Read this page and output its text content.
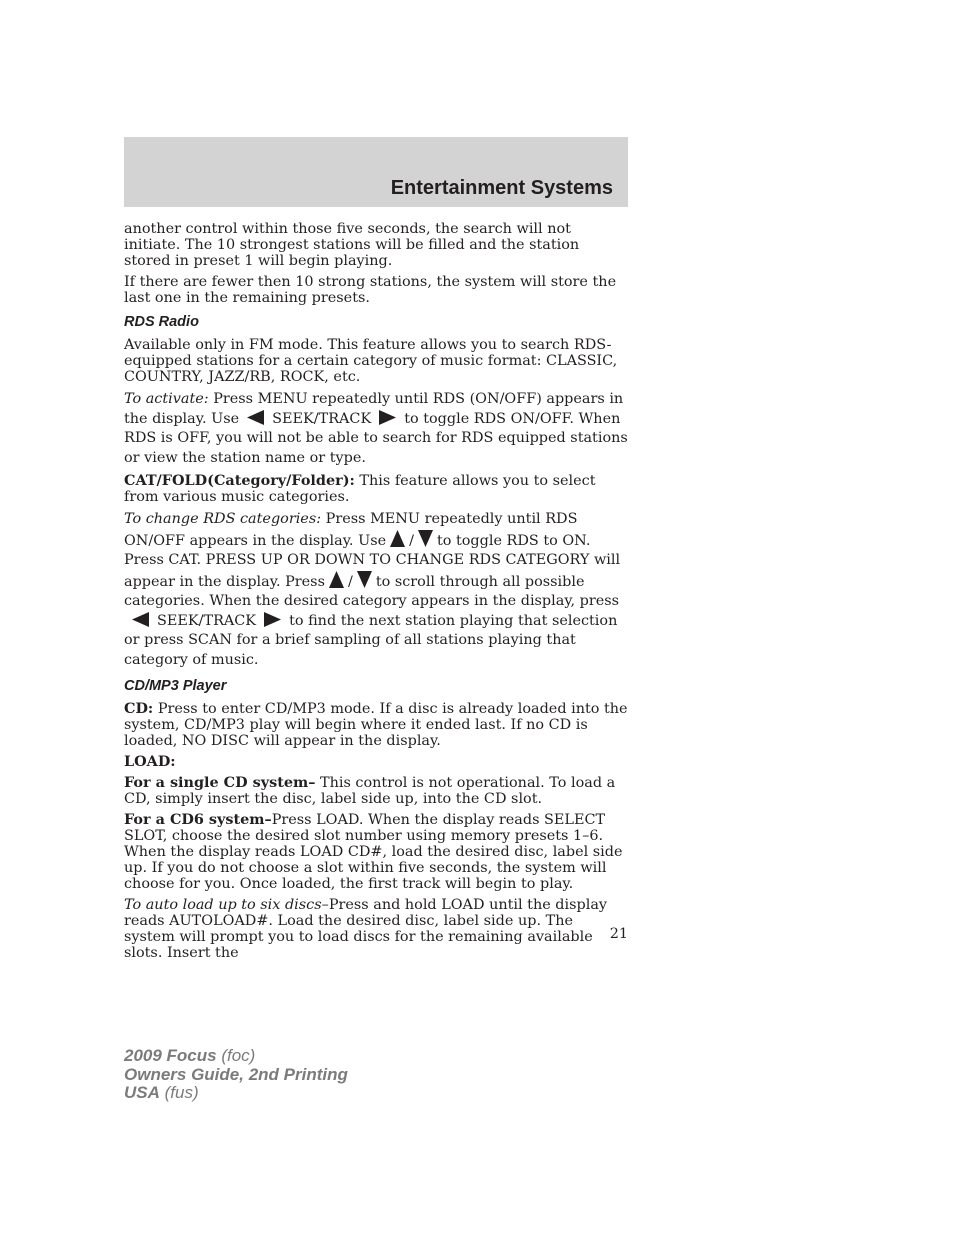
Entertainment Systems

another control within those five seconds, the search will not initiate. The 10 strongest stations will be filled and the station stored in preset 1 will begin playing.

If there are fewer then 10 strong stations, the system will store the last one in the remaining presets.

RDS Radio

Available only in FM mode. This feature allows you to search RDS-equipped stations for a certain category of music format: CLASSIC, COUNTRY, JAZZ/RB, ROCK, etc.

To activate: Press MENU repeatedly until RDS (ON/OFF) appears in the display. Use SEEK/TRACK to toggle RDS ON/OFF. When RDS is OFF, you will not be able to search for RDS equipped stations or view the station name or type.

CAT/FOLD(Category/Folder): This feature allows you to select from various music categories.

To change RDS categories: Press MENU repeatedly until RDS ON/OFF appears in the display. Use / to toggle RDS to ON. Press CAT. PRESS UP OR DOWN TO CHANGE RDS CATEGORY will appear in the display. Press / to scroll through all possible categories. When the desired category appears in the display, press
SEEK/TRACK to find the next station playing that selection or press SCAN for a brief sampling of all stations playing that category of music.

CD/MP3 Player

CD: Press to enter CD/MP3 mode. If a disc is already loaded into the system, CD/MP3 play will begin where it ended last. If no CD is loaded, NO DISC will appear in the display.

LOAD:

For a single CD system– This control is not operational. To load a CD, simply insert the disc, label side up, into the CD slot.

For a CD6 system–Press LOAD. When the display reads SELECT SLOT, choose the desired slot number using memory presets 1–6. When the display reads LOAD CD#, load the desired disc, label side up. If you do not choose a slot within five seconds, the system will choose for you. Once loaded, the first track will begin to play.

To auto load up to six discs–Press and hold LOAD until the display reads AUTOLOAD#. Load the desired disc, label side up. The system will prompt you to load discs for the remaining available slots. Insert the

21
2009 Focus (foc)
Owners Guide, 2nd Printing
USA (fus)
